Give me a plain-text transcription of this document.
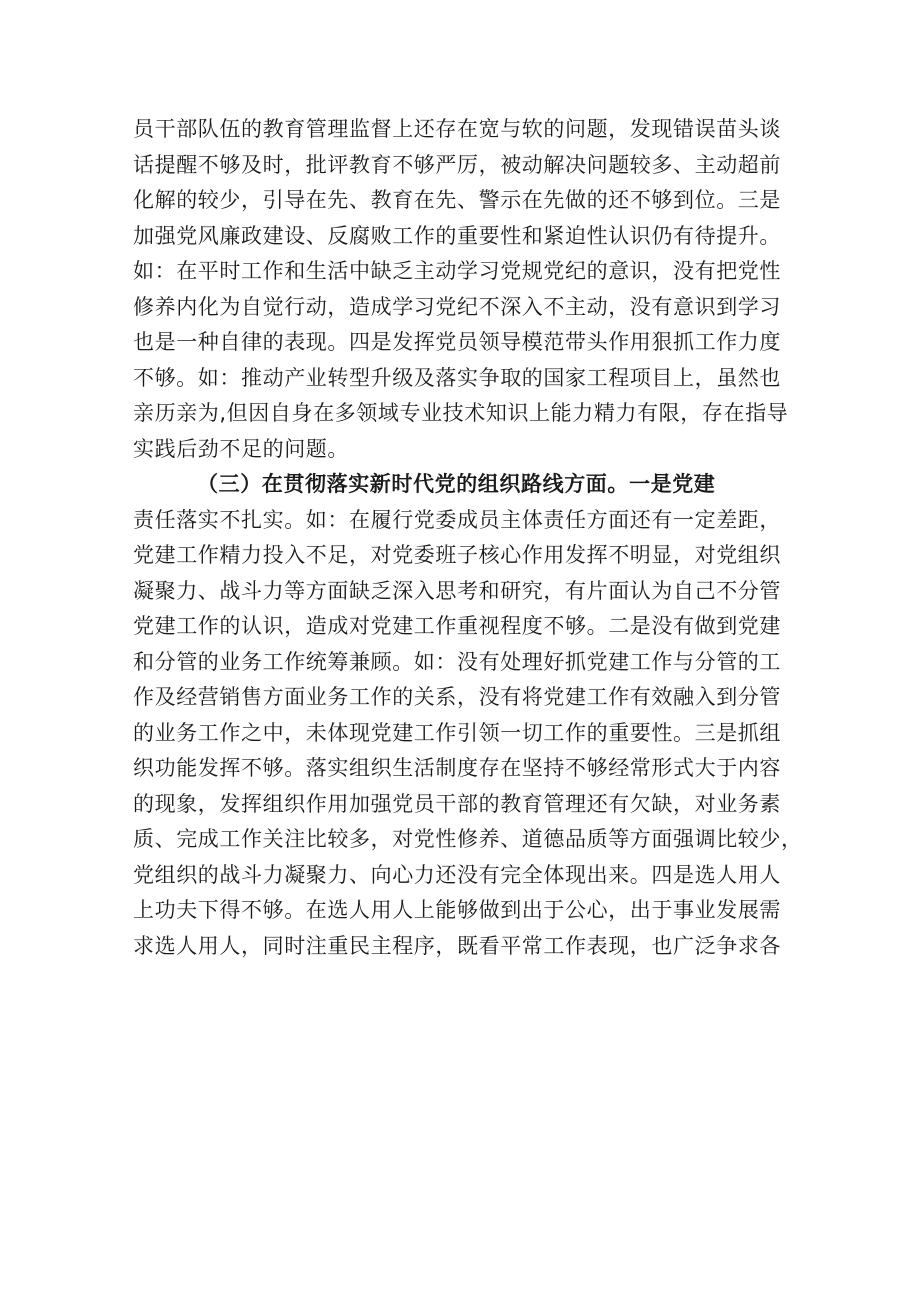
员干部队伍的教育管理监督上还存在宽与软的问题，发现错误苗头谈
话提醒不够及时，批评教育不够严厉，被动解决问题较多、主动超前
化解的较少，引导在先、教育在先、警示在先做的还不够到位。三是
加强党风廉政建设、反腐败工作的重要性和紧迫性认识仍有待提升。
如：在平时工作和生活中缺乏主动学习党规党纪的意识，没有把党性
修养内化为自觉行动，造成学习党纪不深入不主动，没有意识到学习
也是一种自律的表现。四是发挥党员领导模范带头作用狠抓工作力度
不够。如：推动产业转型升级及落实争取的国家工程项目上，虽然也
亲历亲为,但因自身在多领域专业技术知识上能力精力有限，存在指导
实践后劲不足的问题。
（三）在贯彻落实新时代党的组织路线方面。一是党建
责任落实不扎实。如：在履行党委成员主体责任方面还有一定差距，
党建工作精力投入不足，对党委班子核心作用发挥不明显，对党组织
凝聚力、战斗力等方面缺乏深入思考和研究，有片面认为自己不分管
党建工作的认识，造成对党建工作重视程度不够。二是没有做到党建
和分管的业务工作统筹兼顾。如：没有处理好抓党建工作与分管的工
作及经营销售方面业务工作的关系，没有将党建工作有效融入到分管
的业务工作之中，未体现党建工作引领一切工作的重要性。三是抓组
织功能发挥不够。落实组织生活制度存在坚持不够经常形式大于内容
的现象，发挥组织作用加强党员干部的教育管理还有欠缺，对业务素
质、完成工作关注比较多，对党性修养、道德品质等方面强调比较少，
党组织的战斗力凝聚力、向心力还没有完全体现出来。四是选人用人
上功夫下得不够。在选人用人上能够做到出于公心，出于事业发展需
求选人用人，同时注重民主程序，既看平常工作表现，也广泛争求各
